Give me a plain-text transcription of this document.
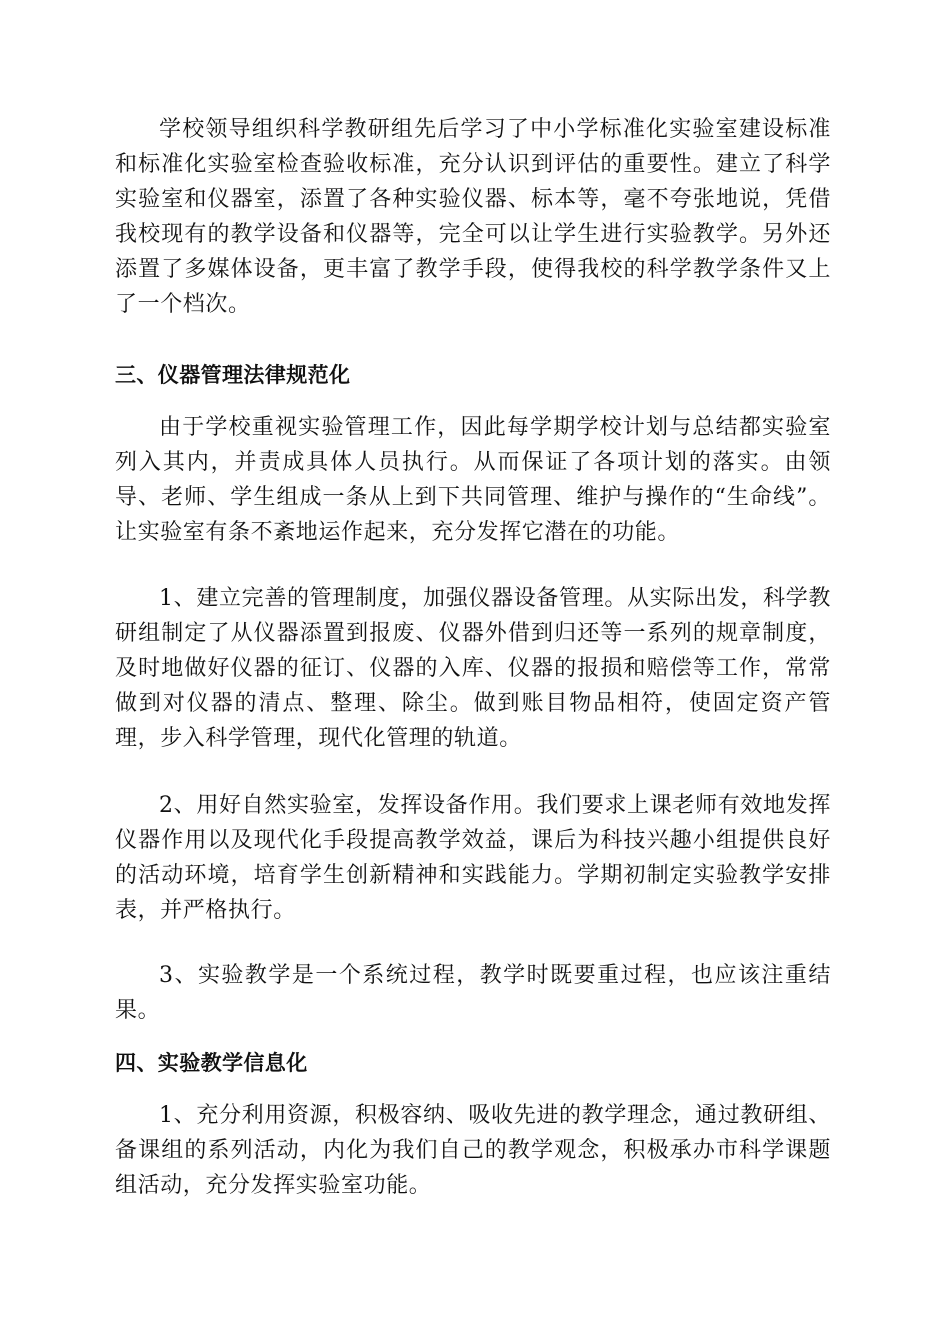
学校领导组织科学教研组先后学习了中小学标准化实验室建设标准和标准化实验室检查验收标准，充分认识到评估的重要性。建立了科学实验室和仪器室，添置了各种实验仪器、标本等，毫不夸张地说，凭借我校现有的教学设备和仪器等，完全可以让学生进行实验教学。另外还添置了多媒体设备，更丰富了教学手段，使得我校的科学教学条件又上了一个档次。

三、仪器管理法律规范化

由于学校重视实验管理工作，因此每学期学校计划与总结都实验室列入其内，并责成具体人员执行。从而保证了各项计划的落实。由领导、老师、学生组成一条从上到下共同管理、维护与操作的“生命线”。让实验室有条不紊地运作起来，充分发挥它潜在的功能。

1、建立完善的管理制度，加强仪器设备管理。从实际出发，科学教研组制定了从仪器添置到报废、仪器外借到归还等一系列的规章制度，及时地做好仪器的征订、仪器的入库、仪器的报损和赔偿等工作，常常做到对仪器的清点、整理、除尘。做到账目物品相符，使固定资产管理，步入科学管理，现代化管理的轨道。

2、用好自然实验室，发挥设备作用。我们要求上课老师有效地发挥仪器作用以及现代化手段提高教学效益，课后为科技兴趣小组提供良好的活动环境，培育学生创新精神和实践能力。学期初制定实验教学安排表，并严格执行。

3、实验教学是一个系统过程，教学时既要重过程，也应该注重结果。

四、实验教学信息化

1、充分利用资源，积极容纳、吸收先进的教学理念，通过教研组、备课组的系列活动，内化为我们自己的教学观念，积极承办市科学课题组活动，充分发挥实验室功能。
